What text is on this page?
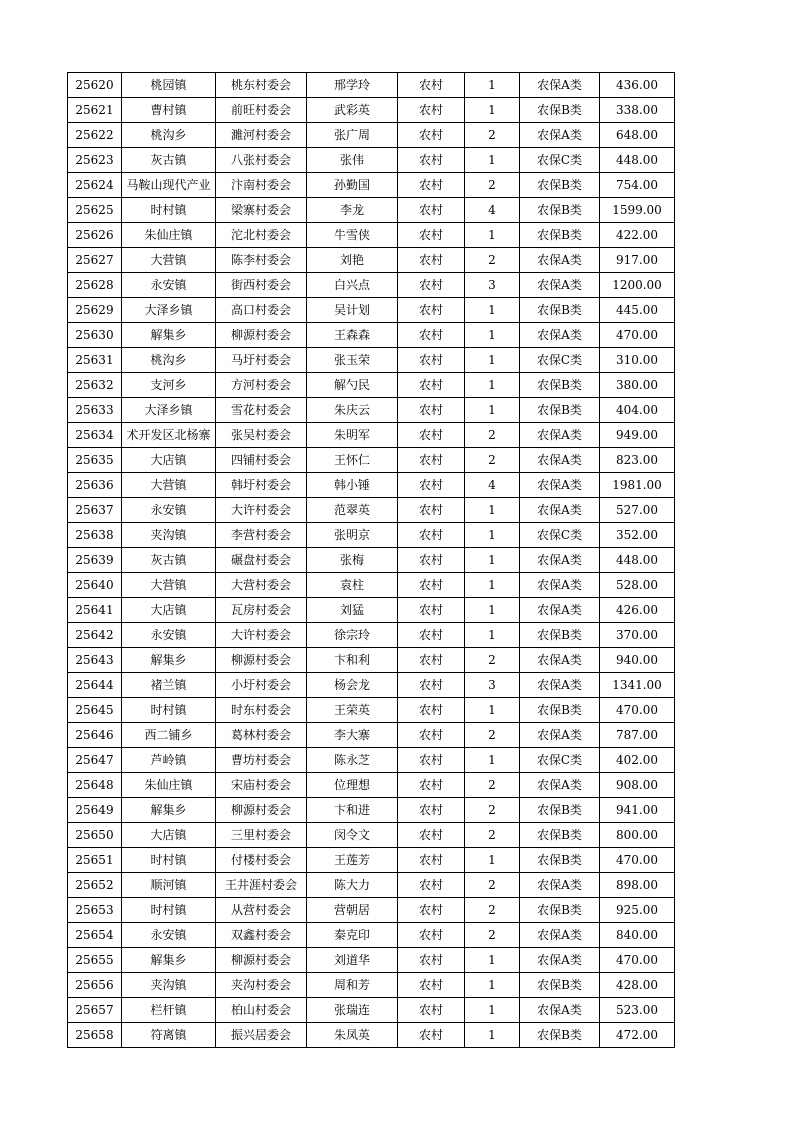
25620	桃园镇	桃东村委会	邢学玲	农村	1	农保A类	436.00
25621	曹村镇	前旺村委会	武彩英	农村	1	农保B类	338.00
25622	桃沟乡	濉河村委会	张广周	农村	2	农保A类	648.00
25623	灰古镇	八张村委会	张伟	农村	1	农保C类	448.00
25624	马鞍山现代产业	汴南村委会	孙勤国	农村	2	农保B类	754.00
25625	时村镇	梁寨村委会	李龙	农村	4	农保B类	1599.00
25626	朱仙庄镇	沱北村委会	牛雪侠	农村	1	农保B类	422.00
25627	大营镇	陈李村委会	刘艳	农村	2	农保A类	917.00
25628	永安镇	街西村委会	白兴点	农村	3	农保A类	1200.00
25629	大泽乡镇	高口村委会	吴计划	农村	1	农保B类	445.00
25630	解集乡	柳源村委会	王森森	农村	1	农保A类	470.00
25631	桃沟乡	马圩村委会	张玉荣	农村	1	农保C类	310.00
25632	支河乡	方河村委会	解勺民	农村	1	农保B类	380.00
25633	大泽乡镇	雪花村委会	朱庆云	农村	1	农保B类	404.00
25634	术开发区北杨寨	张吴村委会	朱明军	农村	2	农保A类	949.00
25635	大店镇	四铺村委会	王怀仁	农村	2	农保A类	823.00
25636	大营镇	韩圩村委会	韩小锤	农村	4	农保A类	1981.00
25637	永安镇	大许村委会	范翠英	农村	1	农保A类	527.00
25638	夹沟镇	李营村委会	张明京	农村	1	农保C类	352.00
25639	灰古镇	碾盘村委会	张梅	农村	1	农保A类	448.00
25640	大营镇	大营村委会	袁柱	农村	1	农保A类	528.00
25641	大店镇	瓦房村委会	刘猛	农村	1	农保A类	426.00
25642	永安镇	大许村委会	徐宗玲	农村	1	农保B类	370.00
25643	解集乡	柳源村委会	卞和利	农村	2	农保A类	940.00
25644	褚兰镇	小圩村委会	杨会龙	农村	3	农保A类	1341.00
25645	时村镇	时东村委会	王荣英	农村	1	农保B类	470.00
25646	西二铺乡	葛林村委会	李大寨	农村	2	农保A类	787.00
25647	芦岭镇	曹坊村委会	陈永芝	农村	1	农保C类	402.00
25648	朱仙庄镇	宋庙村委会	位理想	农村	2	农保A类	908.00
25649	解集乡	柳源村委会	卞和进	农村	2	农保B类	941.00
25650	大店镇	三里村委会	闵令文	农村	2	农保B类	800.00
25651	时村镇	付楼村委会	王莲芳	农村	1	农保B类	470.00
25652	顺河镇	王井涯村委会	陈大力	农村	2	农保A类	898.00
25653	时村镇	从营村委会	营朝居	农村	2	农保B类	925.00
25654	永安镇	双鑫村委会	秦克印	农村	2	农保A类	840.00
25655	解集乡	柳源村委会	刘道华	农村	1	农保A类	470.00
25656	夹沟镇	夹沟村委会	周和芳	农村	1	农保B类	428.00
25657	栏杆镇	柏山村委会	张瑞连	农村	1	农保A类	523.00
25658	符离镇	振兴居委会	朱凤英	农村	1	农保B类	472.00
